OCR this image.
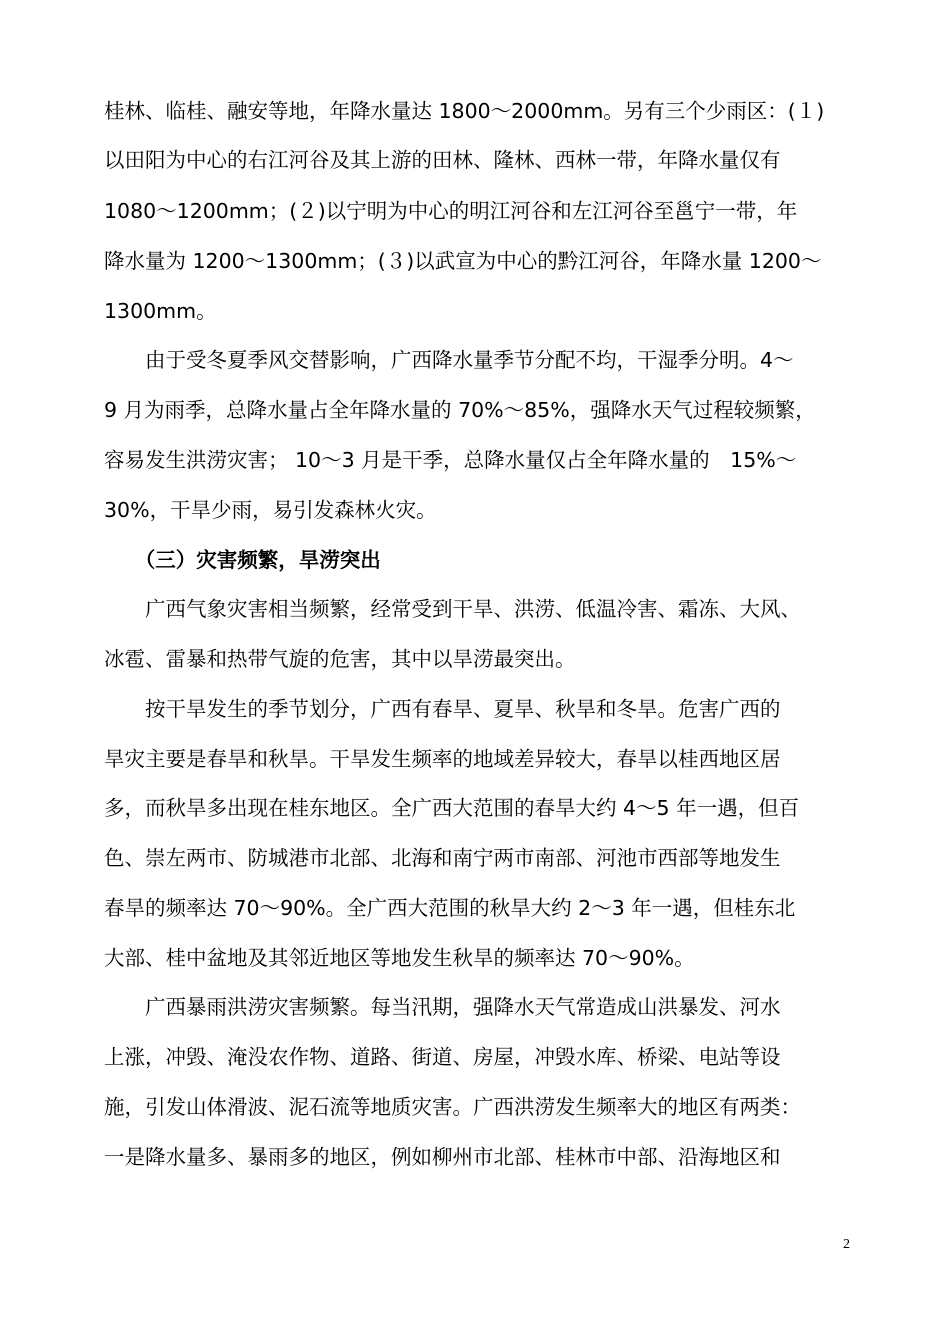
桂林、临桂、融安等地，年降水量达 1800～2000mm。另有三个少雨区：(１)
以田阳为中心的右江河谷及其上游的田林、隆林、西林一带，年降水量仅有
1080～1200mm；(２)以宁明为中心的明江河谷和左江河谷至邕宁一带，年
降水量为 1200～1300mm；(３)以武宣为中心的黔江河谷，年降水量 1200～
1300mm。
　　由于受冬夏季风交替影响，广西降水量季节分配不均，干湿季分明。4～
9 月为雨季，总降水量占全年降水量的 70%～85%，强降水天气过程较频繁，
容易发生洪涝灾害； 10～3 月是干季，总降水量仅占全年降水量的　15%～
30%，干旱少雨，易引发森林火灾。
　　（三）灾害频繁，旱涝突出
　　广西气象灾害相当频繁，经常受到干旱、洪涝、低温冷害、霜冻、大风、
冰雹、雷暴和热带气旋的危害，其中以旱涝最突出。
　　按干旱发生的季节划分，广西有春旱、夏旱、秋旱和冬旱。危害广西的
旱灾主要是春旱和秋旱。干旱发生频率的地域差异较大，春旱以桂西地区居
多，而秋旱多出现在桂东地区。全广西大范围的春旱大约 4～5 年一遇，但百
色、崇左两市、防城港市北部、北海和南宁两市南部、河池市西部等地发生
春旱的频率达 70～90%。全广西大范围的秋旱大约 2～3 年一遇，但桂东北
大部、桂中盆地及其邻近地区等地发生秋旱的频率达 70～90%。
　　广西暴雨洪涝灾害频繁。每当汛期，强降水天气常造成山洪暴发、河水
上涨，冲毁、淹没农作物、道路、街道、房屋，冲毁水库、桥梁、电站等设
施，引发山体滑波、泥石流等地质灾害。广西洪涝发生频率大的地区有两类：
一是降水量多、暴雨多的地区，例如柳州市北部、桂林市中部、沿海地区和
2
